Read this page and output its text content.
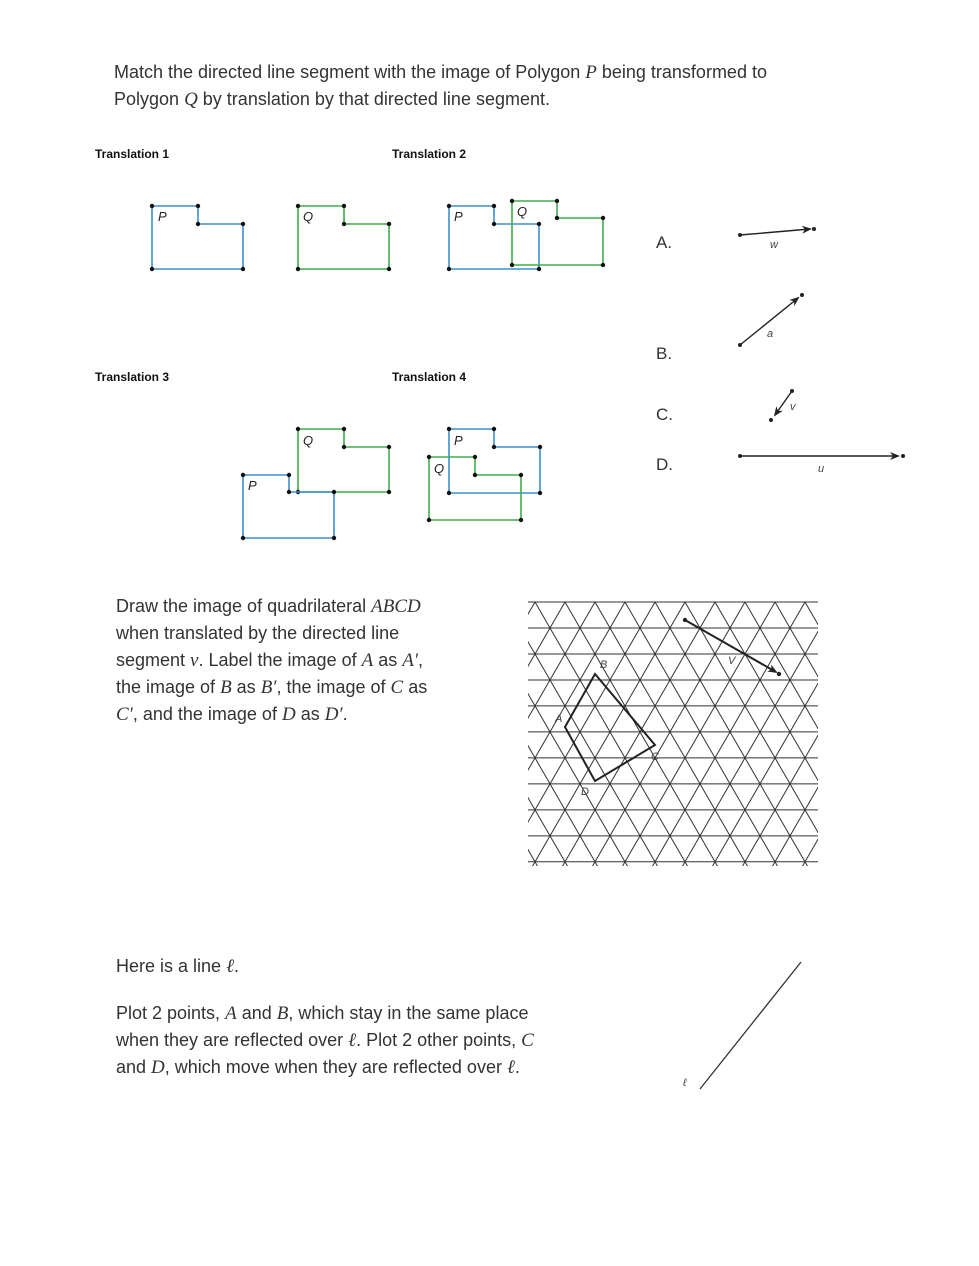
Match the directed line segment with the image of Polygon P being transformed to
Polygon Q by translation by that directed line segment.
Translation 1	Translation 2
Translation 3	Translation 4
P	Q	P	Q
Q
P
P
Q
w
a
v
u
A.
B.
C.
D.
Draw the image of quadrilateral ABCD
when translated by the directed line
segment v. Label the image of A as A′,
the image of B as B′, the image of C as
C′, and the image of D as D′.	A
B
C
D
V
Here is a line ℓ.
Plot 2 points, A and B, which stay in the same place
when they are reflected over ℓ. Plot 2 other points, C
and D, which move when they are reflected over ℓ.
ℓ
